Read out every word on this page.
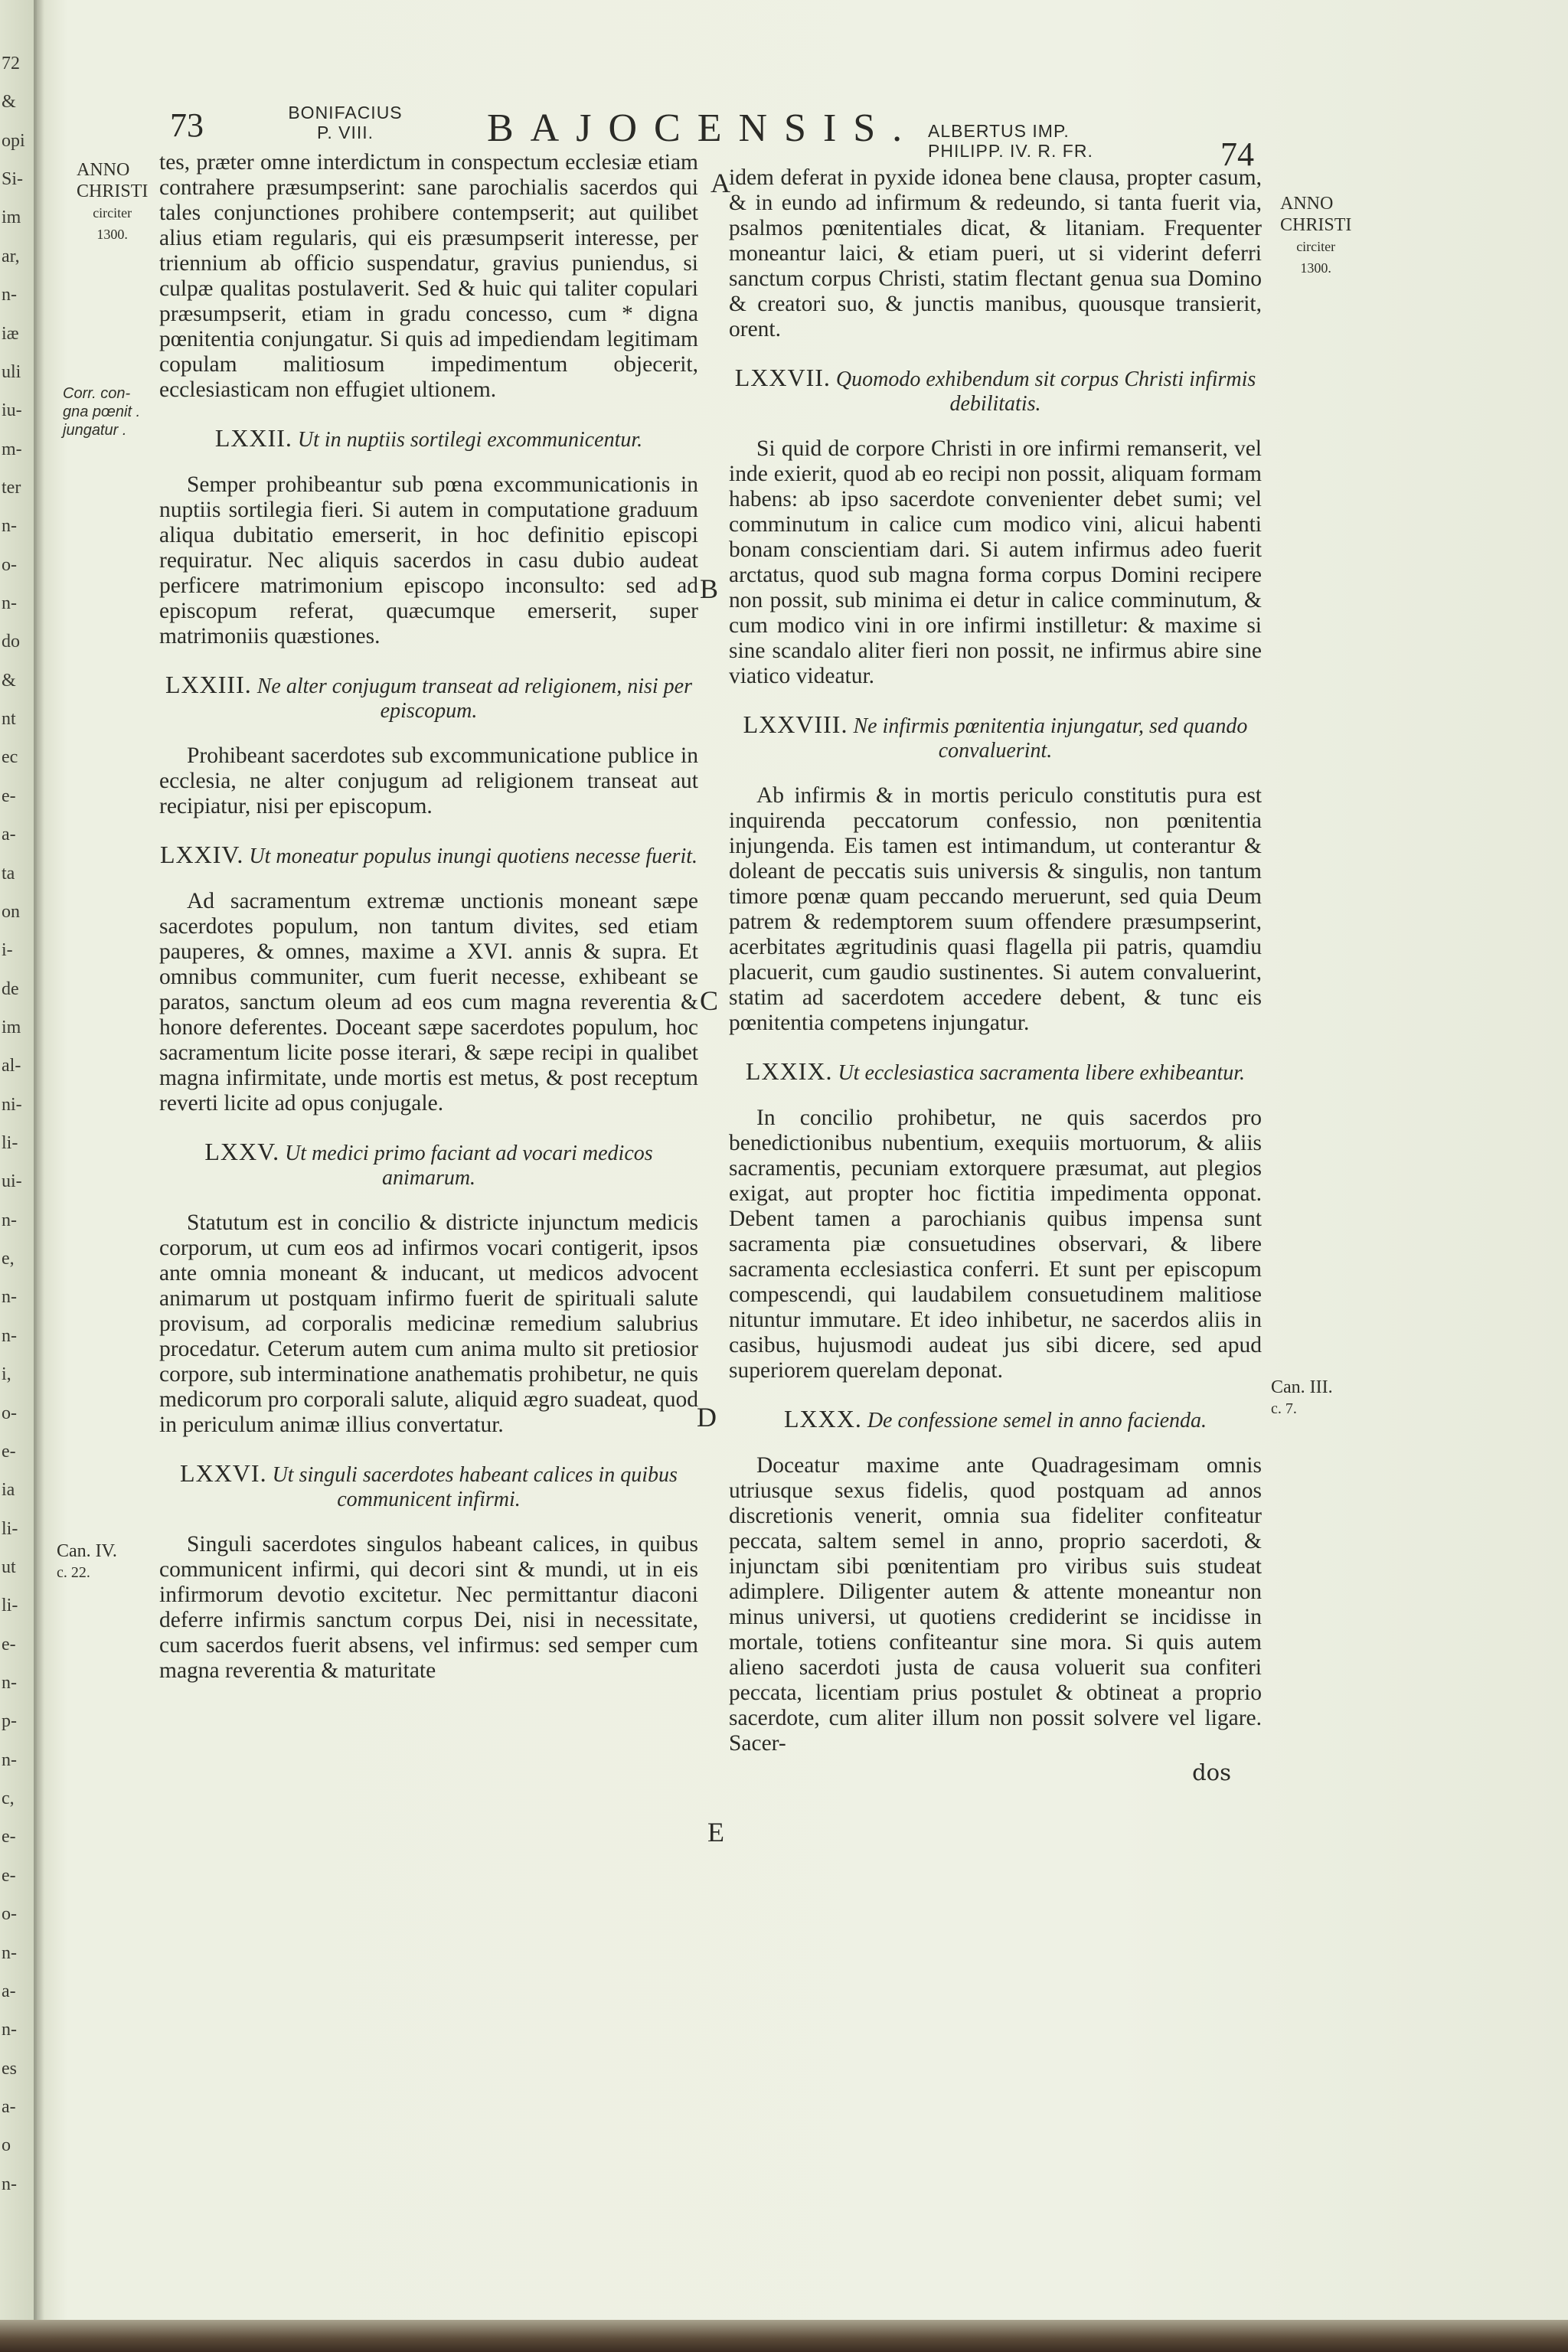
72
&
opi
Si-
im
ar,
n-
iæ
uli
iu-
m-
ter
n-
o-
n-
do
&
nt
ec
e-
a-
ta
on
i-
de
im
al-
ni-
li-
ui-
n-
e,
n-
n-
i,
o-
e-
ia
li-
ut
li-
e-
n-
p-
n-
c,
e-
e-
o-
n-
a-
n-
es
a-
o
n-
73	BONIFACIUS
P. VIII.	BAJOCENSIS. ALBERTUS IMP.
PHILIPP. IV. R. FR.	74
ANNO
CHRISTI
circiter
1300.
ANNO
CHRISTI
circiter
1300.
Corr. con-
gna pœnit .
jungatur .
Can. IV.
c. 22.
Can. III.
c. 7.
A
B
C
D
E

tes, præter omne interdictum in conspectum ecclesiæ etiam contrahere præsumpserint: sane parochialis sacerdos qui tales conjunctiones prohibere contempserit; aut quilibet alius etiam regularis, qui eis præsumpserit interesse, per triennium ab officio suspendatur, gravius puniendus, si culpæ qualitas postulaverit. Sed & huic qui taliter copulari præsumpserit, etiam in gradu concesso, cum * digna pœnitentia conjungatur. Si quis ad impediendam legitimam copulam malitiosum impedimentum objecerit, ecclesiasticam non effugiet ultionem.

LXXII. Ut in nuptiis sortilegi excommunicentur.

Semper prohibeantur sub pœna excommunicationis in nuptiis sortilegia fieri. Si autem in computatione graduum aliqua dubitatio emerserit, in hoc definitio episcopi requiratur. Nec aliquis sacerdos in casu dubio audeat perficere matrimonium episcopo inconsulto: sed ad episcopum referat, quæcumque emerserit, super matrimoniis quæstiones.

LXXIII. Ne alter conjugum transeat ad religionem, nisi per episcopum.

Prohibeant sacerdotes sub excommunicatione publice in ecclesia, ne alter conjugum ad religionem transeat aut recipiatur, nisi per episcopum.

LXXIV. Ut moneatur populus inungi quotiens necesse fuerit.

Ad sacramentum extremæ unctionis moneant sæpe sacerdotes populum, non tantum divites, sed etiam pauperes, & omnes, maxime a XVI. annis & supra. Et omnibus communiter, cum fuerit necesse, exhibeant se paratos, sanctum oleum ad eos cum magna reverentia & honore deferentes. Doceant sæpe sacerdotes populum, hoc sacramentum licite posse iterari, & sæpe recipi in qualibet magna infirmitate, unde mortis est metus, & post receptum reverti licite ad opus conjugale.

LXXV. Ut medici primo faciant ad vocari medicos animarum.

Statutum est in concilio & districte injunctum medicis corporum, ut cum eos ad infirmos vocari contigerit, ipsos ante omnia moneant & inducant, ut medicos advocent animarum ut postquam infirmo fuerit de spirituali salute provisum, ad corporalis medicinæ remedium salubrius procedatur. Ceterum autem cum anima multo sit pretiosior corpore, sub interminatione anathematis prohibetur, ne quis medicorum pro corporali salute, aliquid ægro suadeat, quod in periculum animæ illius convertatur.

LXXVI. Ut singuli sacerdotes habeant calices in quibus communicent infirmi.

Singuli sacerdotes singulos habeant calices, in quibus communicent infirmi, qui decori sint & mundi, ut in eis infirmorum devotio excitetur. Nec permittantur diaconi deferre infirmis sanctum corpus Dei, nisi in necessitate, cum sacerdos fuerit absens, vel infirmus: sed semper cum magna reverentia & maturitate

idem deferat in pyxide idonea bene clausa, propter casum, & in eundo ad infirmum & redeundo, si tanta fuerit via, psalmos pœnitentiales dicat, & litaniam. Frequenter moneantur laici, & etiam pueri, ut si viderint deferri sanctum corpus Christi, statim flectant genua sua Domino & creatori suo, & junctis manibus, quousque transierit, orent.

LXXVII. Quomodo exhibendum sit corpus Christi infirmis debilitatis.

Si quid de corpore Christi in ore infirmi remanserit, vel inde exierit, quod ab eo recipi non possit, aliquam formam habens: ab ipso sacerdote convenienter debet sumi; vel comminutum in calice cum modico vini, alicui habenti bonam conscientiam dari. Si autem infirmus adeo fuerit arctatus, quod sub magna forma corpus Domini recipere non possit, sub minima ei detur in calice comminutum, & cum modico vini in ore infirmi instilletur: & maxime si sine scandalo aliter fieri non possit, ne infirmus abire sine viatico videatur.

LXXVIII. Ne infirmis pœnitentia injungatur, sed quando convaluerint.

Ab infirmis & in mortis periculo constitutis pura est inquirenda peccatorum confessio, non pœnitentia injungenda. Eis tamen est intimandum, ut conterantur & doleant de peccatis suis universis & singulis, non tantum timore pœnæ quam peccando meruerunt, sed quia Deum patrem & redemptorem suum offendere præsumpserint, acerbitates ægritudinis quasi flagella pii patris, quamdiu placuerit, cum gaudio sustinentes. Si autem convaluerint, statim ad sacerdotem accedere debent, & tunc eis pœnitentia competens injungatur.

LXXIX. Ut ecclesiastica sacramenta libere exhibeantur.

In concilio prohibetur, ne quis sacerdos pro benedictionibus nubentium, exequiis mortuorum, & aliis sacramentis, pecuniam extorquere præsumat, aut plegios exigat, aut propter hoc fictitia impedimenta opponat. Debent tamen a parochianis quibus impensa sunt sacramenta piæ consuetudines observari, & libere sacramenta ecclesiastica conferri. Et sunt per episcopum compescendi, qui laudabilem consuetudinem malitiose nituntur immutare. Et ideo inhibetur, ne sacerdos aliis in casibus, hujusmodi audeat jus sibi dicere, sed apud superiorem querelam deponat.

LXXX. De confessione semel in anno facienda.

Doceatur maxime ante Quadragesimam omnis utriusque sexus fidelis, quod postquam ad annos discretionis venerit, omnia sua fideliter confiteatur peccata, saltem semel in anno, proprio sacerdoti, & injunctam sibi pœnitentiam pro viribus suis studeat adimplere. Diligenter autem & attente moneantur non minus universi, ut quotiens crediderint se incidisse in mortale, totiens confiteantur sine mora. Si quis autem alieno sacerdoti justa de causa voluerit sua confiteri peccata, licentiam prius postulet & obtineat a proprio sacerdote, cum aliter illum non possit solvere vel ligare. Sacer-

dos
